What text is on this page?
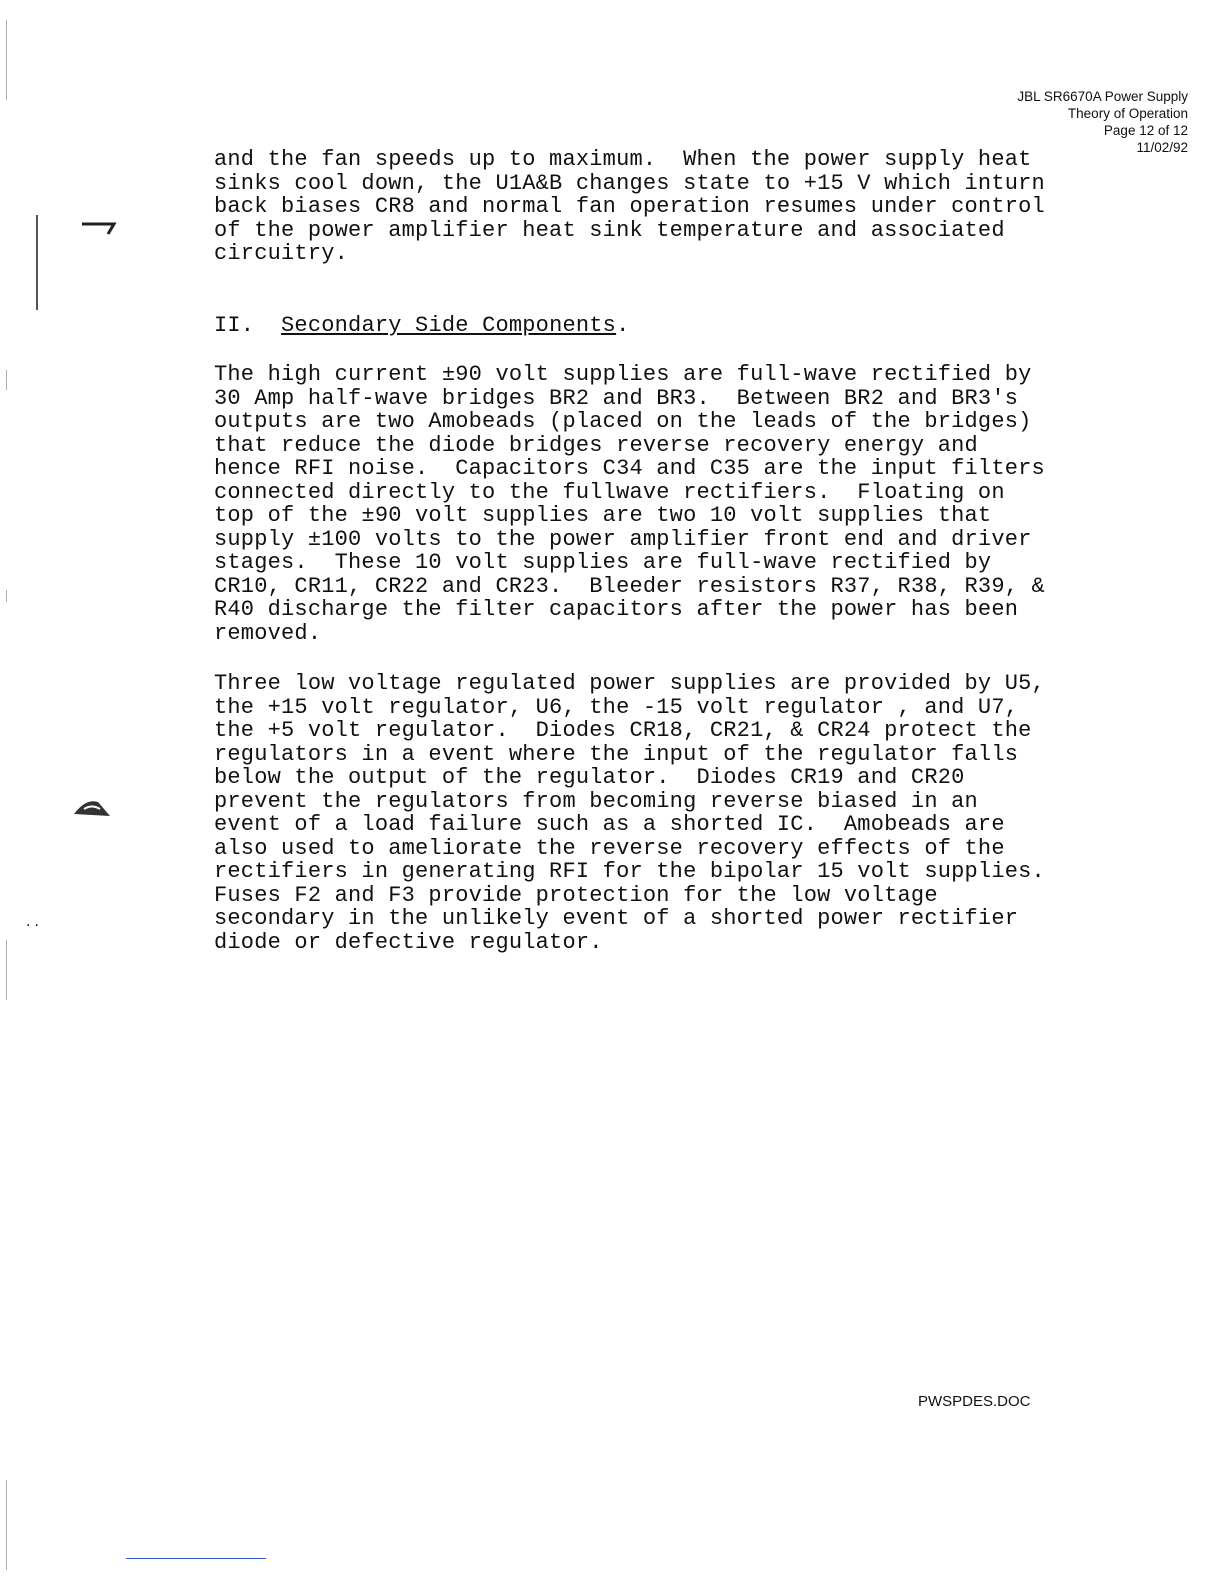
··
JBL SR6670A Power Supply
Theory of Operation
Page 12 of 12
11/02/92
and the fan speeds up to maximum.  When the power supply heat
sinks cool down, the U1A&B changes state to +15 V which inturn
back biases CR8 and normal fan operation resumes under control
of the power amplifier heat sink temperature and associated
circuitry.
II. Secondary Side Components.
The high current ±90 volt supplies are full-wave rectified by
30 Amp half-wave bridges BR2 and BR3.  Between BR2 and BR3's
outputs are two Amobeads (placed on the leads of the bridges)
that reduce the diode bridges reverse recovery energy and
hence RFI noise.  Capacitors C34 and C35 are the input filters
connected directly to the fullwave rectifiers.  Floating on
top of the ±90 volt supplies are two 10 volt supplies that
supply ±100 volts to the power amplifier front end and driver
stages.  These 10 volt supplies are full-wave rectified by
CR10, CR11, CR22 and CR23.  Bleeder resistors R37, R38, R39, &
R40 discharge the filter capacitors after the power has been
removed.
Three low voltage regulated power supplies are provided by U5,
the +15 volt regulator, U6, the -15 volt regulator , and U7,
the +5 volt regulator.  Diodes CR18, CR21, & CR24 protect the
regulators in a event where the input of the regulator falls
below the output of the regulator.  Diodes CR19 and CR20
prevent the regulators from becoming reverse biased in an
event of a load failure such as a shorted IC.  Amobeads are
also used to ameliorate the reverse recovery effects of the
rectifiers in generating RFI for the bipolar 15 volt supplies.
Fuses F2 and F3 provide protection for the low voltage
secondary in the unlikely event of a shorted power rectifier
diode or defective regulator.
PWSPDES.DOC
